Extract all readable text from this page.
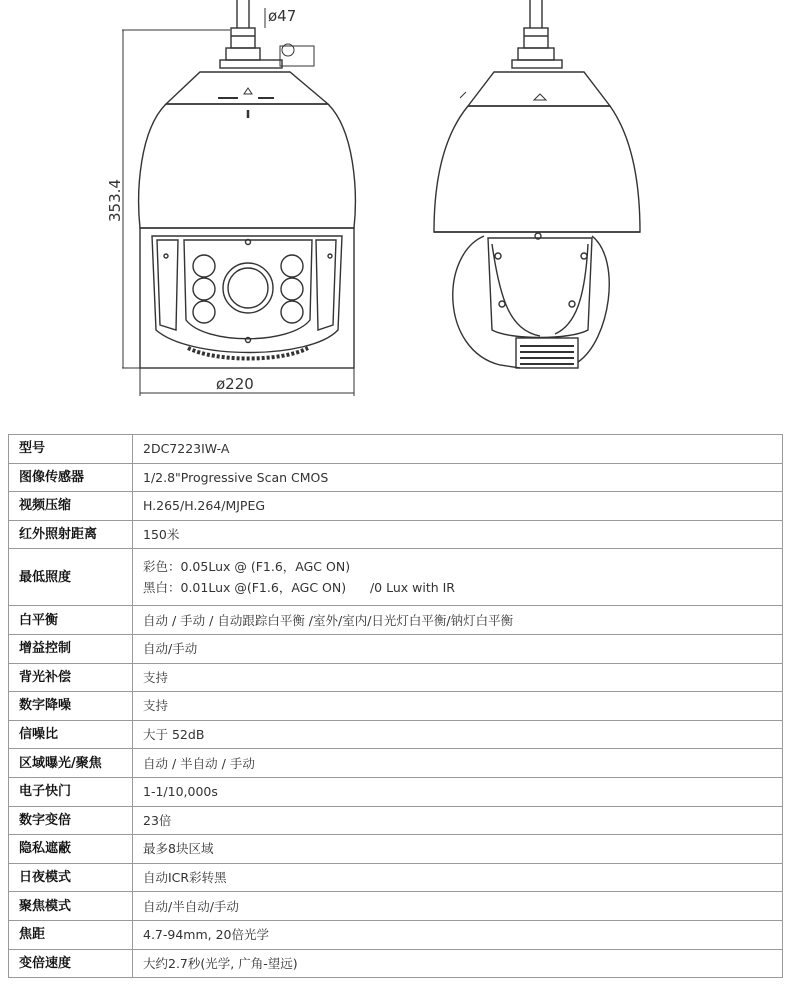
ø47
353.4
ø220
型号	2DC7223IW-A
图像传感器	1/2.8"Progressive Scan CMOS
视频压缩	H.265/H.264/MJPEG
红外照射距离	150米
最低照度	彩色：0.05Lux @ (F1.6，AGC ON)
黑白：0.01Lux @(F1.6，AGC ON)      /0 Lux with IR

白平衡	自动 / 手动 / 自动跟踪白平衡 /室外/室内/日光灯白平衡/钠灯白平衡
增益控制	自动/手动
背光补偿	支持
数字降噪	支持
信噪比	大于 52dB
区域曝光/聚焦	自动 / 半自动 / 手动
电子快门	1-1/10,000s
数字变倍	23倍
隐私遮蔽	最多8块区域
日夜模式	自动ICR彩转黑
聚焦模式	自动/半自动/手动
焦距	4.7-94mm, 20倍光学
变倍速度	大约2.7秒(光学, 广角-望远)
